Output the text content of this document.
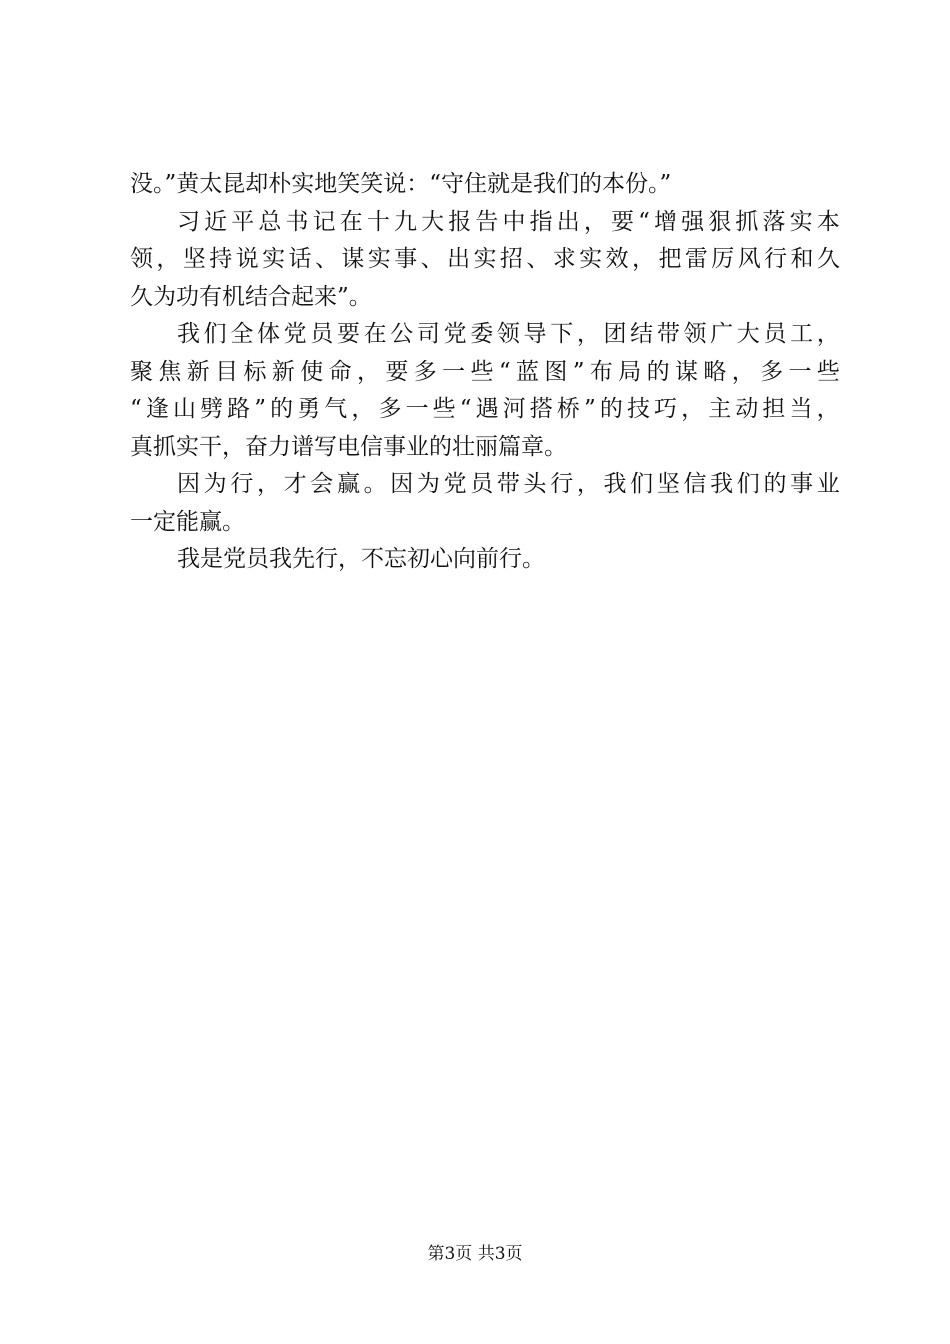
没。”黄太昆却朴实地笑笑说：“守住就是我们的本份。”
习 近 平 总 书 记 在 十 九 大 报 告 中 指 出 ， 要 “ 增 强 狠 抓 落 实 本
领 ， 坚 持 说 实 话 、 谋 实 事 、 出 实 招 、 求 实 效 ， 把 雷 厉 风 行 和 久
久为功有机结合起来”。
我 们 全 体 党 员 要 在 公 司 党 委 领 导 下 ， 团 结 带 领 广 大 员 工 ，
聚 焦 新 目 标 新 使 命 ， 要 多 一 些 “ 蓝 图 ” 布 局 的 谋 略 ， 多 一 些
“ 逢 山 劈 路 ” 的 勇 气 ， 多 一 些 “ 遇 河 搭 桥 ” 的 技 巧 ， 主 动 担 当 ，
真抓实干，奋力谱写电信事业的壮丽篇章。
因 为 行 ， 才 会 赢 。 因 为 党 员 带 头 行 ， 我 们 坚 信 我 们 的 事 业
一定能赢。
我是党员我先行，不忘初心向前行。
第3页 共3页
